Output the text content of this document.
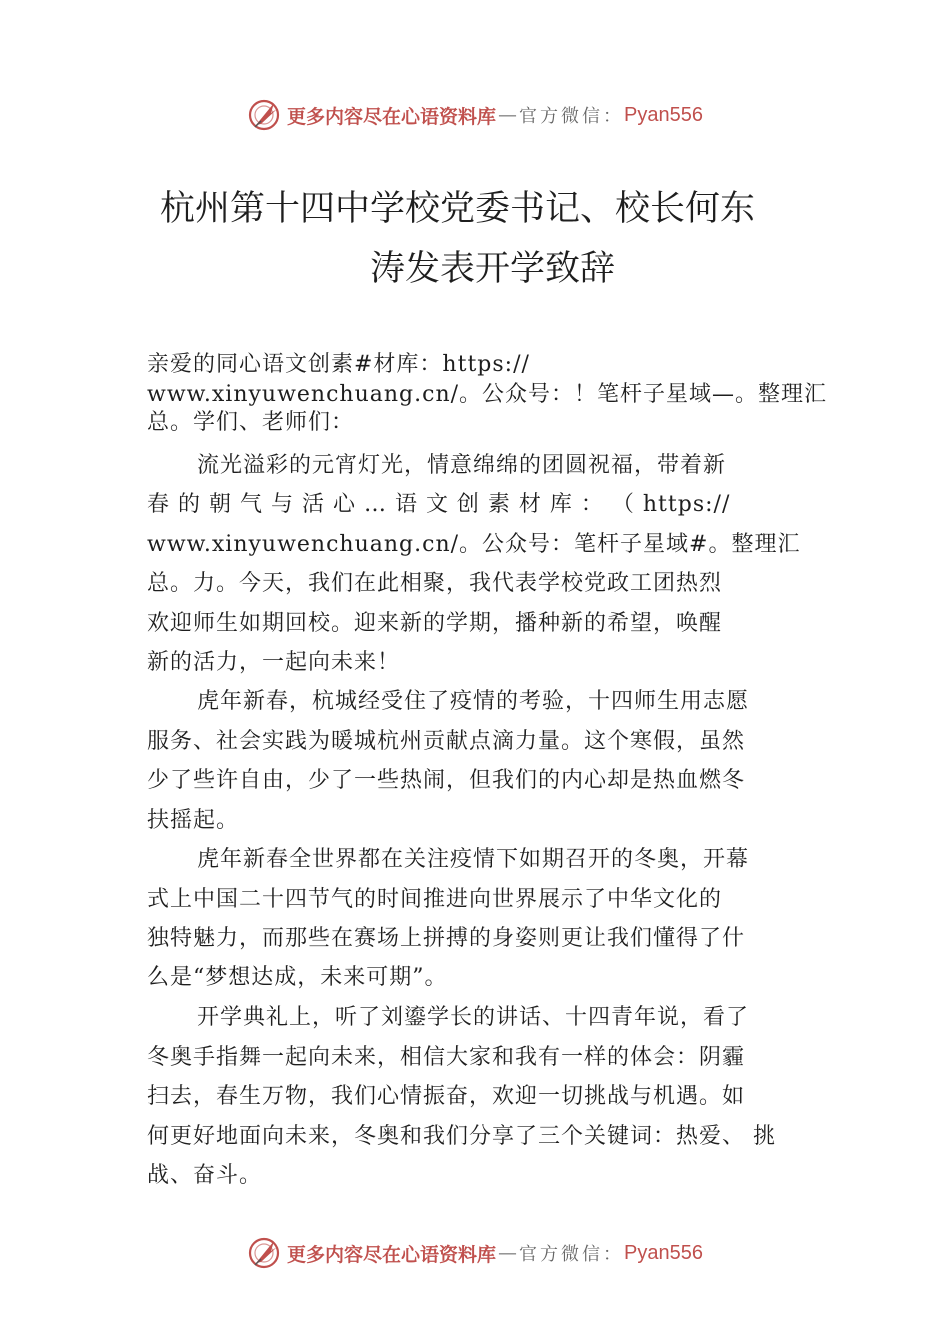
更多内容尽在心语资料库 — 官方微信： Pyan556
杭州第十四中学校党委书记、校长何东
涛发表开学致辞
亲爱的同心语文创素#材库：https://
www.xinyuwenchuang.cn/。公众号：！笔杆子星域—。整理汇
总。学们、老师们：
流光溢彩的元宵灯光，情意绵绵的团圆祝福，带着新
春 的 朝 气 与 活 心 … 语 文 创 素 材 库 ： （ https://
www.xinyuwenchuang.cn/。公众号：笔杆子星域#。整理汇
总。力。今天，我们在此相聚，我代表学校党政工团热烈
欢迎师生如期回校。迎来新的学期，播种新的希望，唤醒
新的活力，一起向未来！
虎年新春，杭城经受住了疫情的考验，十四师生用志愿
服务、社会实践为暖城杭州贡献点滴力量。这个寒假，虽然
少了些许自由，少了一些热闹，但我们的内心却是热血燃冬
扶摇起。
虎年新春全世界都在关注疫情下如期召开的冬奥，开幕
式上中国二十四节气的时间推进向世界展示了中华文化的
独特魅力，而那些在赛场上拼搏的身姿则更让我们懂得了什
么是“梦想达成，未来可期”。
开学典礼上，听了刘鎏学长的讲话、十四青年说，看了
冬奥手指舞一起向未来，相信大家和我有一样的体会：阴霾
扫去，春生万物，我们心情振奋，欢迎一切挑战与机遇。如
何更好地面向未来，冬奥和我们分享了三个关键词：热爱、 挑
战、奋斗。
更多内容尽在心语资料库 — 官方微信： Pyan556
